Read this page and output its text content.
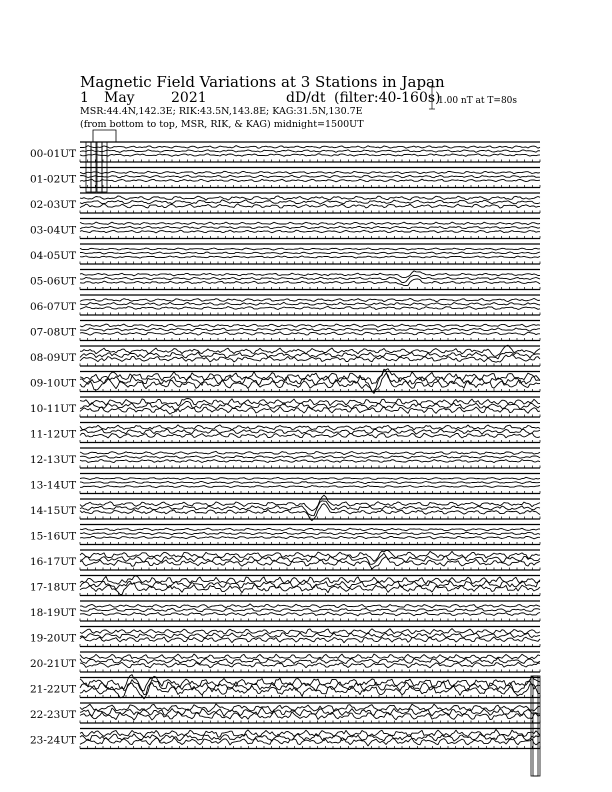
Magnetic Field Variations at 3 Stations in Japan
1 May	2021	dD/dt (filter:40-160s)
MSR:44.4N,142.3E; RIK:43.5N,143.8E; KAG:31.5N,130.7E
(from bottom to top, MSR, RIK, & KAG) midnight=1500UT
1.00 nT at T=80s
00-01UT
01-02UT
02-03UT
03-04UT
04-05UT
05-06UT
06-07UT
07-08UT
08-09UT
09-10UT
10-11UT
11-12UT
12-13UT
13-14UT
14-15UT
15-16UT
16-17UT
17-18UT
18-19UT
19-20UT
20-21UT
21-22UT
22-23UT
23-24UT
